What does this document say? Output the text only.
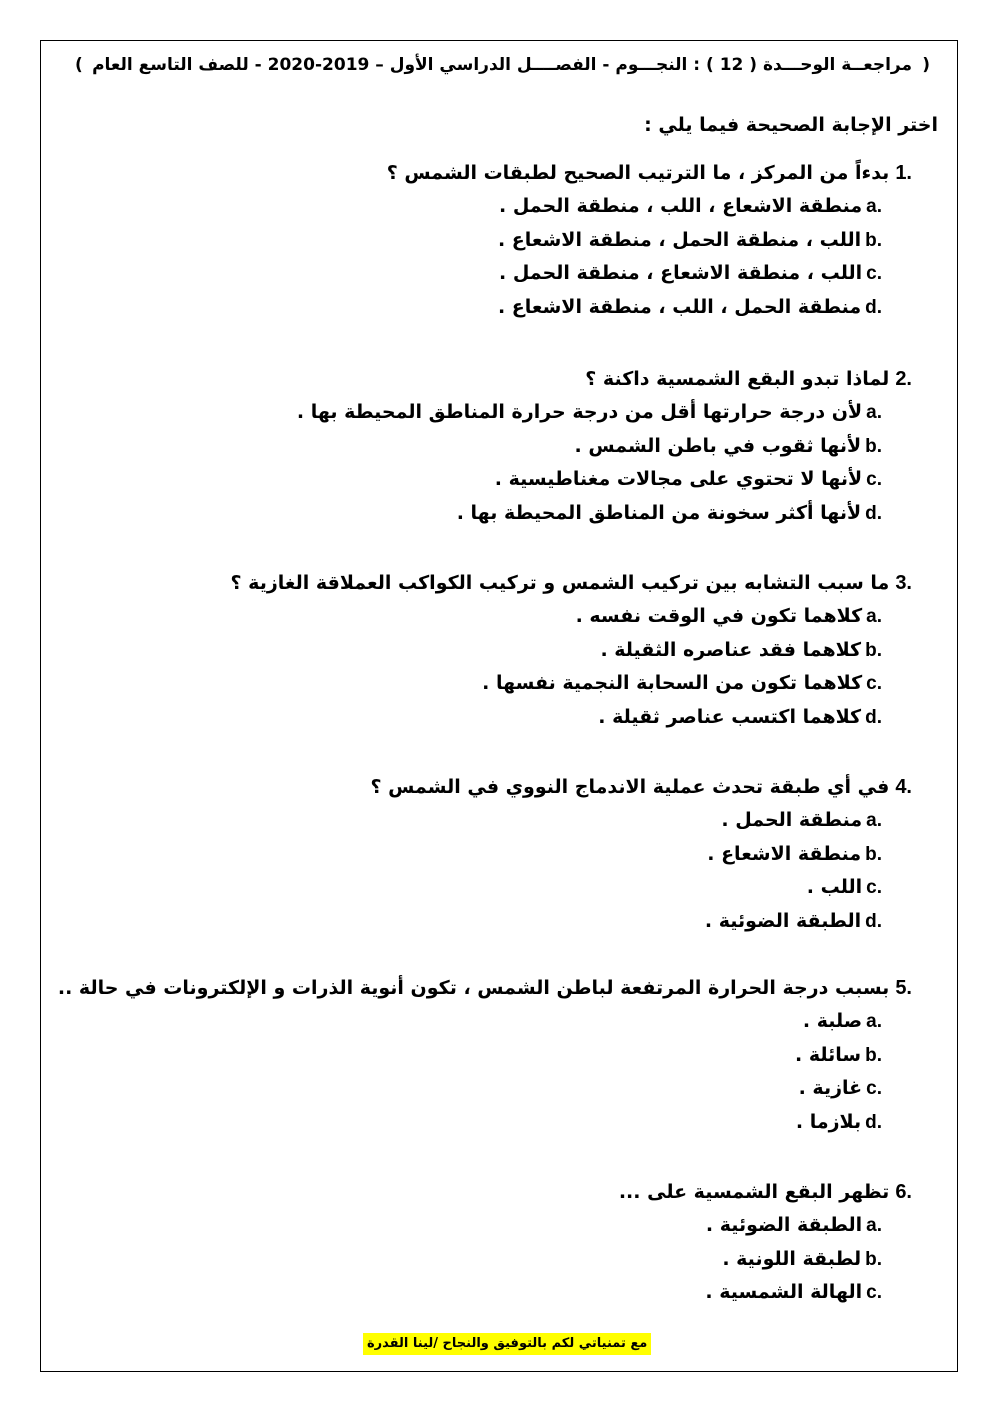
(
مراجعــة الوحـــدة ( 12 ) : النجـــوم - الفصــــل الدراسي الأول – 2019-2020 - للصف التاسع العام
)
اختر الإجابة الصحيحة فيما يلي :
1.
بدءاً من المركز ، ما الترتيب الصحيح لطبقات الشمس ؟
a.
منطقة الاشعاع ، اللب ، منطقة الحمل .
b.
اللب ، منطقة الحمل ، منطقة الاشعاع .
c.
اللب ، منطقة الاشعاع ، منطقة الحمل .
d.
منطقة الحمل ، اللب ، منطقة الاشعاع .
2.
لماذا تبدو البقع الشمسية داكنة ؟
a.
لأن درجة حرارتها أقل من درجة حرارة المناطق المحيطة بها .
b.
لأنها ثقوب في باطن الشمس .
c.
لأنها لا تحتوي على مجالات مغناطيسية .
d.
لأنها أكثر سخونة من المناطق المحيطة بها .
3.
ما سبب التشابه بين تركيب الشمس و تركيب الكواكب العملاقة الغازية ؟
a.
كلاهما تكون في الوقت نفسه .
b.
كلاهما فقد عناصره الثقيلة .
c.
كلاهما تكون من السحابة النجمية نفسها .
d.
كلاهما اكتسب عناصر ثقيلة .
4.
في أي طبقة تحدث عملية الاندماج النووي في الشمس ؟
a.
منطقة الحمل .
b.
منطقة الاشعاع .
c.
اللب .
d.
الطبقة الضوئية .
5.
بسبب درجة الحرارة المرتفعة لباطن الشمس ، تكون أنوية الذرات و الإلكترونات في حالة ..
a.
صلبة .
b.
سائلة .
c.
غازية .
d.
بلازما .
6.
تظهر البقع الشمسية على ...
a.
الطبقة الضوئية .
b.
لطبقة اللونية .
c.
الهالة الشمسية .
مع تمنياتي لكم بالتوفيق والنجاح /لينا القدرة
